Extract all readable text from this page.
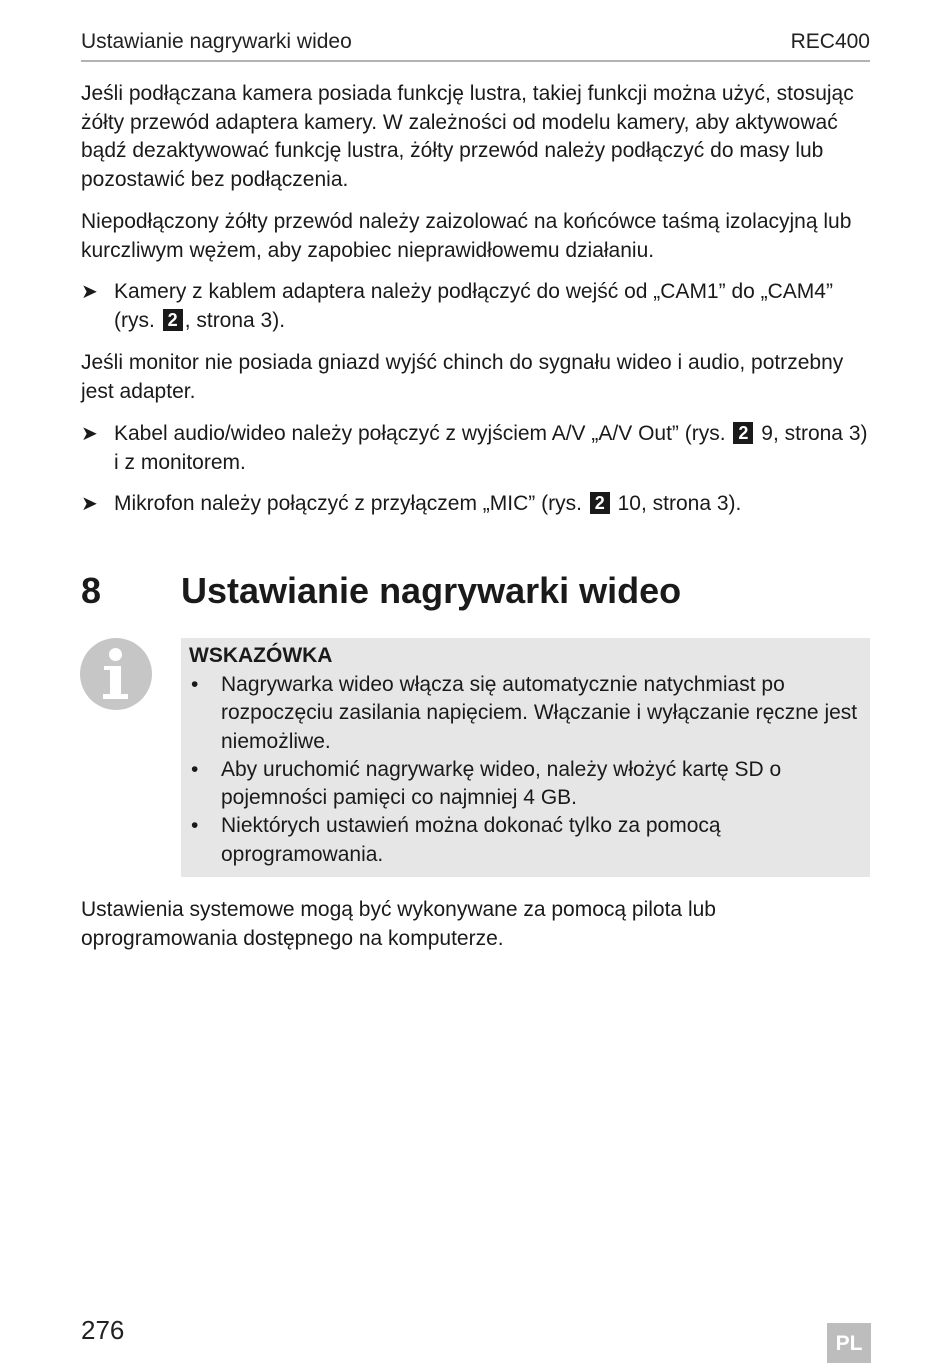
Ustawianie nagrywarki wideo	REC400

Jeśli podłączana kamera posiada funkcję lustra, takiej funkcji można użyć, stosując żółty przewód adaptera kamery. W zależności od modelu kamery, aby aktywować bądź dezaktywować funkcję lustra, żółty przewód należy podłączyć do masy lub pozostawić bez podłączenia.

Niepodłączony żółty przewód należy zaizolować na końcówce taśmą izolacyjną lub kurczliwym wężem, aby zapobiec nieprawidłowemu działaniu.

➤ Kamery z kablem adaptera należy podłączyć do wejść od „CAM1” do „CAM4” (rys. 2 , strona 3).

Jeśli monitor nie posiada gniazd wyjść chinch do sygnału wideo i audio, potrzebny jest adapter.

➤ Kabel audio/wideo należy połączyć z wyjściem A/V „A/V Out” (rys. 2 9, strona 3) i z monitorem.
➤ Mikrofon należy połączyć z przyłączem „MIC” (rys. 2 10, strona 3).
8 Ustawianie nagrywarki wideo
WSKAZÓWKA
• Nagrywarka wideo włącza się automatycznie natychmiast po rozpoczęciu zasilania napięciem. Włączanie i wyłączanie ręczne jest niemożliwe.
• Aby uruchomić nagrywarkę wideo, należy włożyć kartę SD o pojemności pamięci co najmniej 4 GB.
• Niektórych ustawień można dokonać tylko za pomocą oprogramowania.

Ustawienia systemowe mogą być wykonywane za pomocą pilota lub oprogramowania dostępnego na komputerze.

276	PL
